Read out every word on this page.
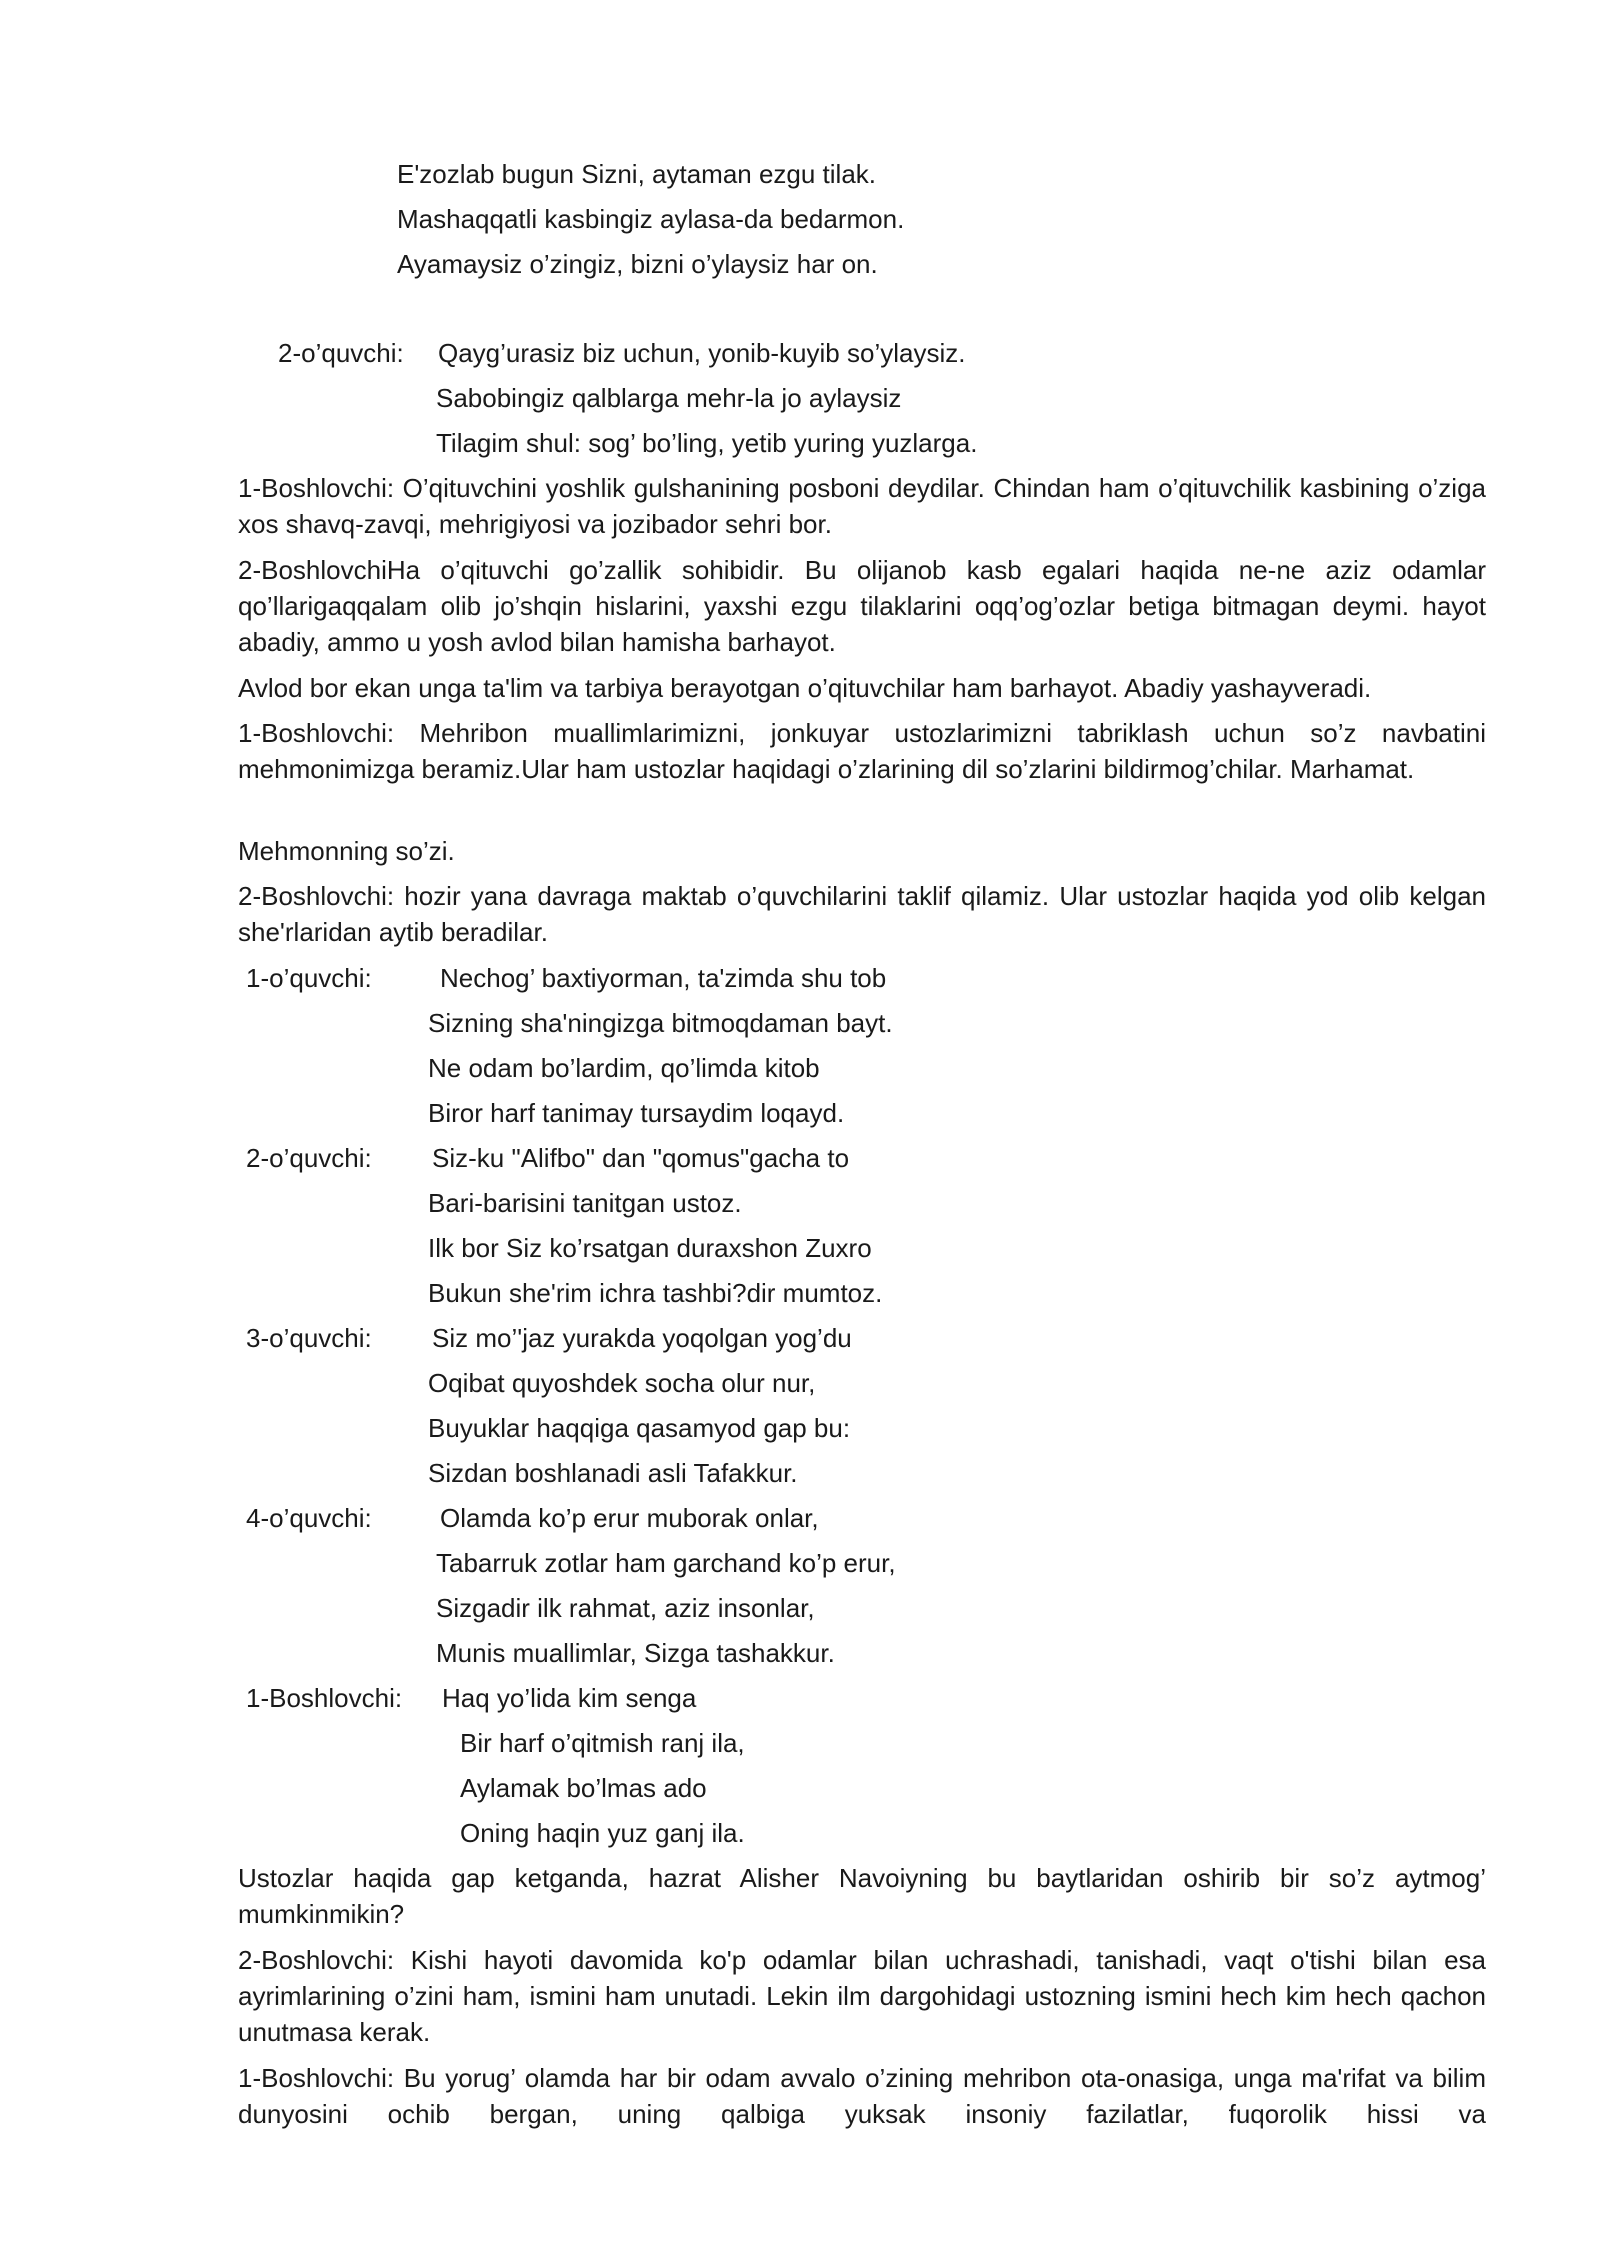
E'zozlab bugun Sizni, aytaman ezgu tilak.
Mashaqqatli kasbingiz aylasa-da bedarmon.
Ayamaysiz o’zingiz, bizni o’ylaysiz har on.
2-o’quvchi: Qayg’urasiz biz uchun, yonib-kuyib so’ylaysiz.
Sabobingiz qalblarga mehr-la jo aylaysiz
Tilagim shul: sog’ bo’ling, yetib yuring yuzlarga.
1-Boshlovchi: O’qituvchini yoshlik gulshanining posboni deydilar. Chindan ham o’qituvchilik kasbining o’ziga xos shavq-zavqi, mehrigiyosi va jozibador sehri bor.
2-BoshlovchiHa o’qituvchi go’zallik sohibidir. Bu olijanob kasb egalari haqida ne-ne aziz odamlar qo’llarigaqqalam olib jo’shqin hislarini, yaxshi ezgu tilaklarini oqq’og’ozlar betiga bitmagan deymi. hayot abadiy, ammo u yosh avlod bilan hamisha barhayot.
Avlod bor ekan unga ta'lim va tarbiya berayotgan o’qituvchilar ham barhayot. Abadiy yashayveradi.
1-Boshlovchi: Mehribon muallimlarimizni, jonkuyar ustozlarimizni tabriklash uchun so’z navbatini mehmonimizga beramiz.Ular ham ustozlar haqidagi o’zlarining dil so’zlarini bildirmog’chilar. Marhamat.
Mehmonning so’zi.
2-Boshlovchi: hozir yana davraga maktab o’quvchilarini taklif qilamiz. Ular ustozlar haqida yod olib kelgan she'rlaridan aytib beradilar.
1-o’quvchi:	Nechog’ baxtiyorman, ta'zimda shu tob
Sizning sha'ningizga bitmoqdaman bayt.
Ne odam bo’lardim, qo’limda kitob
Biror harf tanimay tursaydim loqayd.
2-o’quvchi: Siz-ku "Alifbo" dan "qomus"gacha to
Bari-barisini tanitgan ustoz.
Ilk bor Siz ko’rsatgan duraxshon Zuxro
Bukun she'rim ichra tashbi?dir mumtoz.
3-o’quvchi: Siz mo’'jaz yurakda yoqolgan yog’du
Oqibat quyoshdek socha olur nur,
Buyuklar haqqiga qasamyod gap bu:
Sizdan boshlanadi asli Tafakkur.
4-o’quvchi:	Olamda ko’p erur muborak onlar,
Tabarruk zotlar ham garchand ko’p erur,
Sizgadir ilk rahmat, aziz insonlar,
Munis muallimlar, Sizga tashakkur.
1-Boshlovchi: Haq yo’lida kim senga
Bir harf o’qitmish ranj ila,
Aylamak bo’lmas ado
Oning haqin yuz ganj ila.
Ustozlar haqida gap ketganda, hazrat Alisher Navoiyning bu baytlaridan oshirib bir so’z aytmog’ mumkinmikin?
2-Boshlovchi: Kishi hayoti davomida ko'p odamlar bilan uchrashadi, tanishadi, vaqt o'tishi bilan esa ayrimlarining o’zini ham, ismini ham unutadi. Lekin ilm dargohidagi ustozning ismini hech kim hech qachon unutmasa kerak.
1-Boshlovchi: Bu yorug’ olamda har bir odam avvalo o’zining mehribon ota-onasiga, unga ma'rifat va bilim dunyosini ochib bergan, uning qalbiga yuksak insoniy fazilatlar, fuqorolik hissi va
